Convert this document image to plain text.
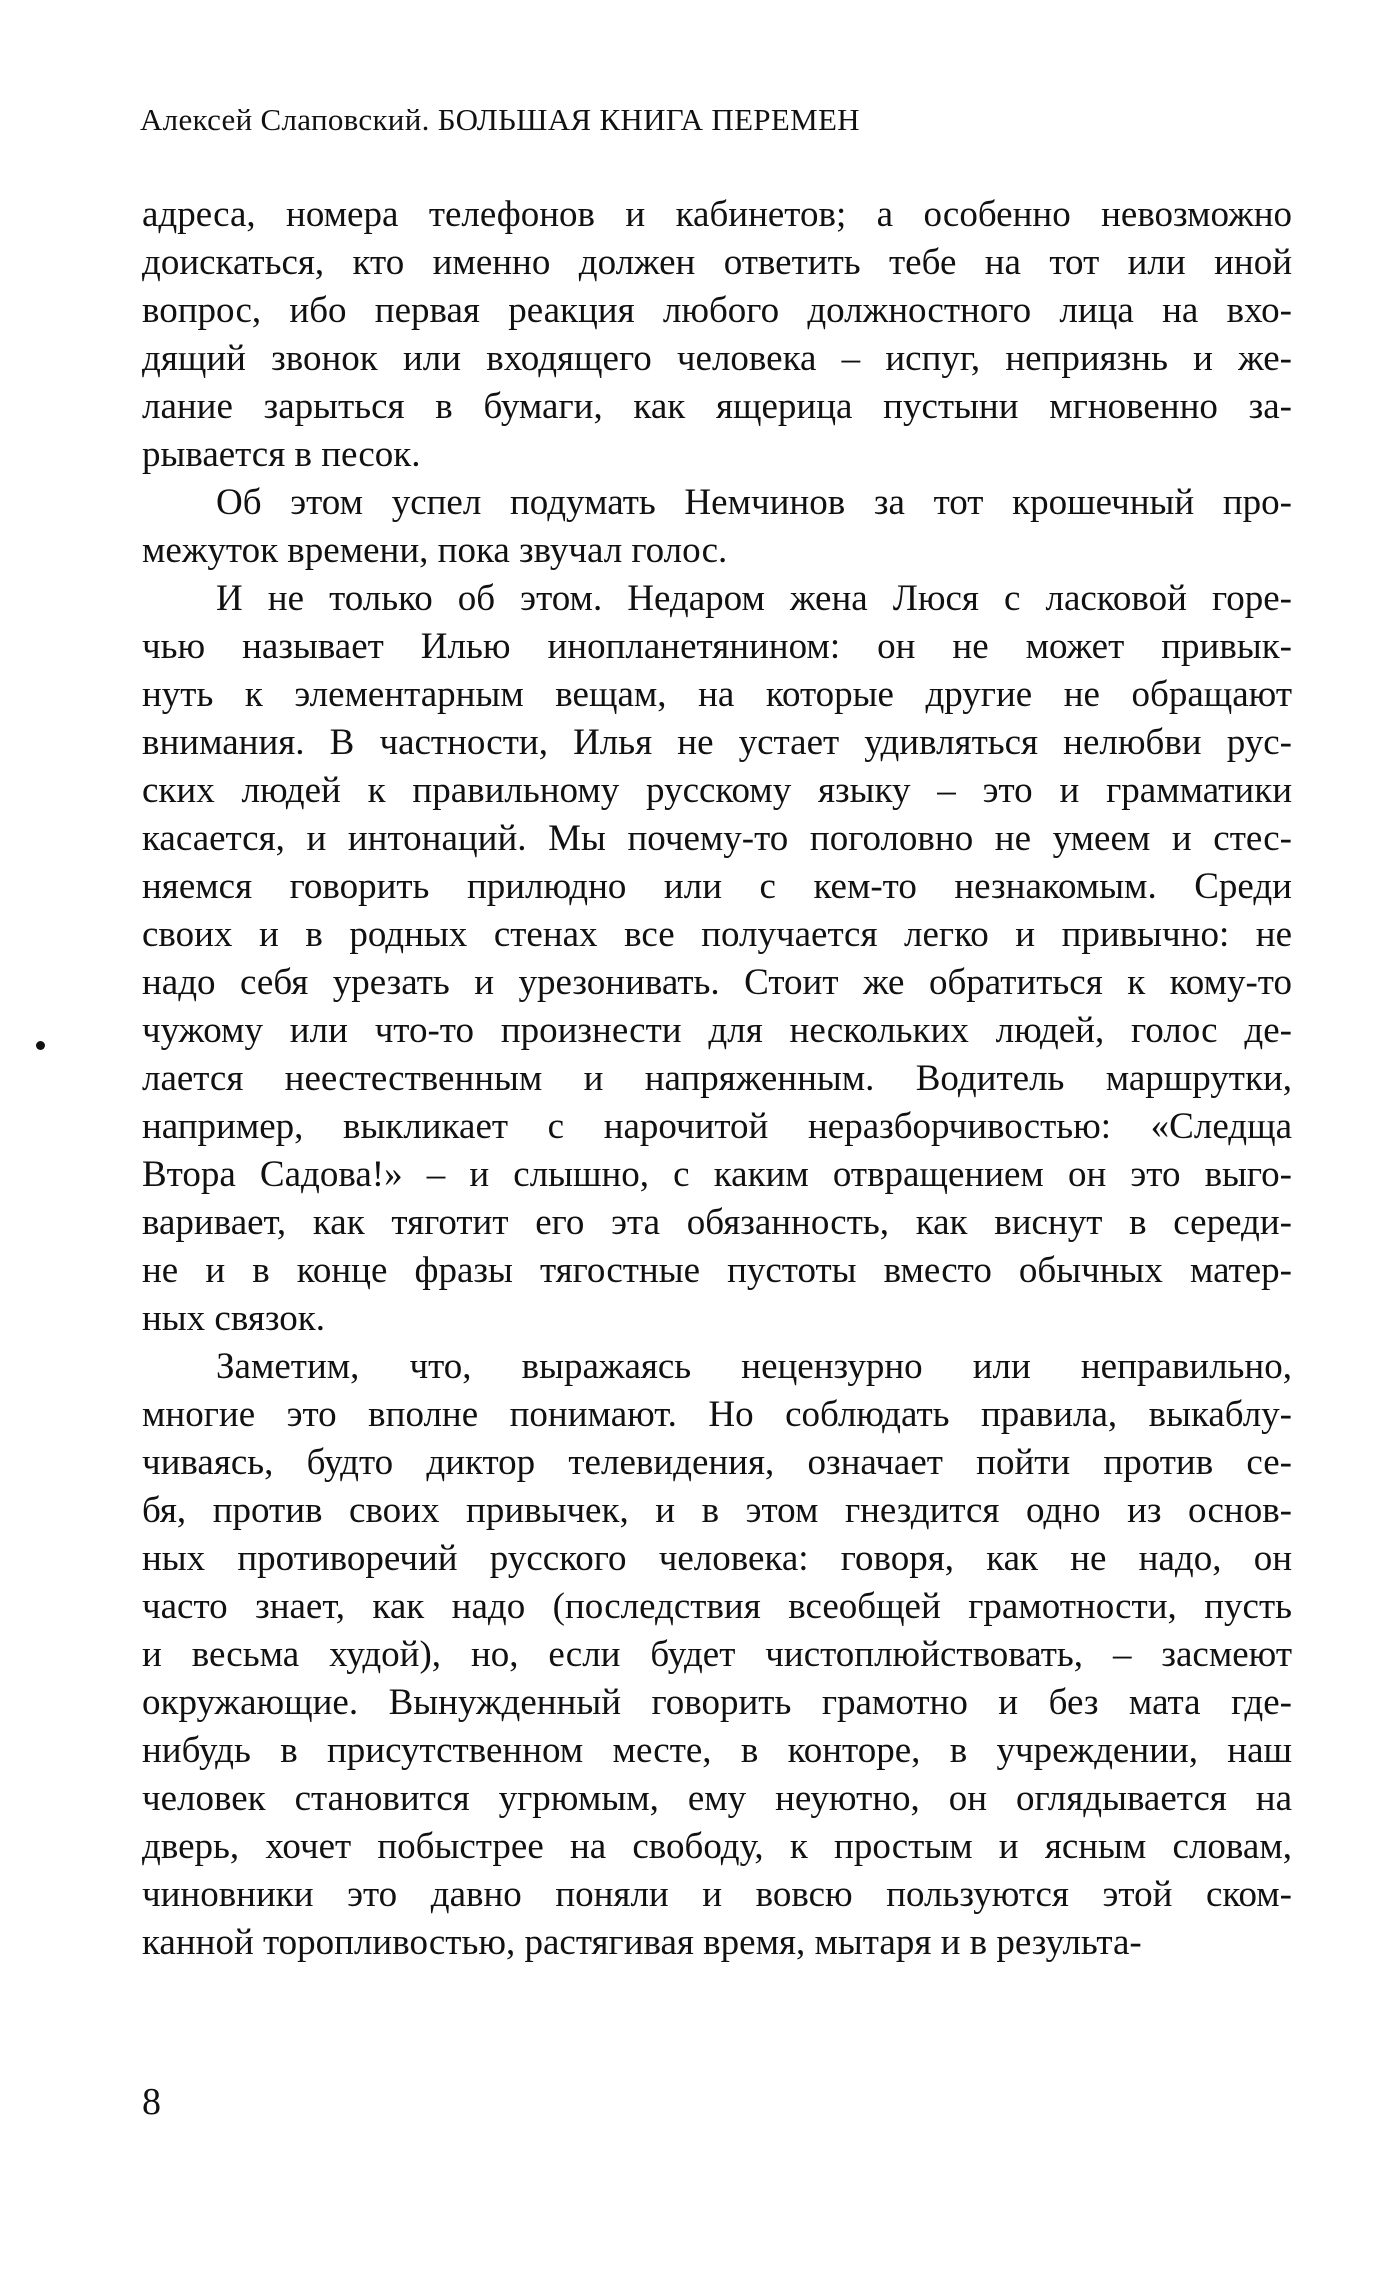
Алексей Слаповский. БОЛЬШАЯ КНИГА ПЕРЕМЕН
адреса, номера телефонов и кабинетов; а особенно невозможно
доискаться, кто именно должен ответить тебе на тот или иной
вопрос, ибо первая реакция любого должностного лица на вхо-
дящий звонок или входящего человека – испуг, неприязнь и же-
лание зарыться в бумаги, как ящерица пустыни мгновенно за-
рывается в песок.
Об этом успел подумать Немчинов за тот крошечный про-
межуток времени, пока звучал голос.
И не только об этом. Недаром жена Люся с ласковой горе-
чью называет Илью инопланетянином: он не может привык-
нуть к элементарным вещам, на которые другие не обращают
внимания. В частности, Илья не устает удивляться нелюбви рус-
ских людей к правильному русскому языку – это и грамматики
касается, и интонаций. Мы почему-то поголовно не умеем и стес-
няемся говорить прилюдно или с кем-то незнакомым. Среди
своих и в родных стенах все получается легко и привычно: не
надо себя урезать и урезонивать. Стоит же обратиться к кому-то
чужому или что-то произнести для нескольких людей, голос де-
лается неестественным и напряженным. Водитель маршрутки,
например, выкликает с нарочитой неразборчивостью: «Следща
Втора Садова!» – и слышно, с каким отвращением он это выго-
варивает, как тяготит его эта обязанность, как виснут в середи-
не и в конце фразы тягостные пустоты вместо обычных матер-
ных связок.
Заметим, что, выражаясь нецензурно или неправильно,
многие это вполне понимают. Но соблюдать правила, выкаблу-
чиваясь, будто диктор телевидения, означает пойти против се-
бя, против своих привычек, и в этом гнездится одно из основ-
ных противоречий русского человека: говоря, как не надо, он
часто знает, как надо (последствия всеобщей грамотности, пусть
и весьма худой), но, если будет чистоплюйствовать, – засмеют
окружающие. Вынужденный говорить грамотно и без мата где-
нибудь в присутственном месте, в конторе, в учреждении, наш
человек становится угрюмым, ему неуютно, он оглядывается на
дверь, хочет побыстрее на свободу, к простым и ясным словам,
чиновники это давно поняли и вовсю пользуются этой ском-
канной торопливостью, растягивая время, мытаря и в результа-
8
